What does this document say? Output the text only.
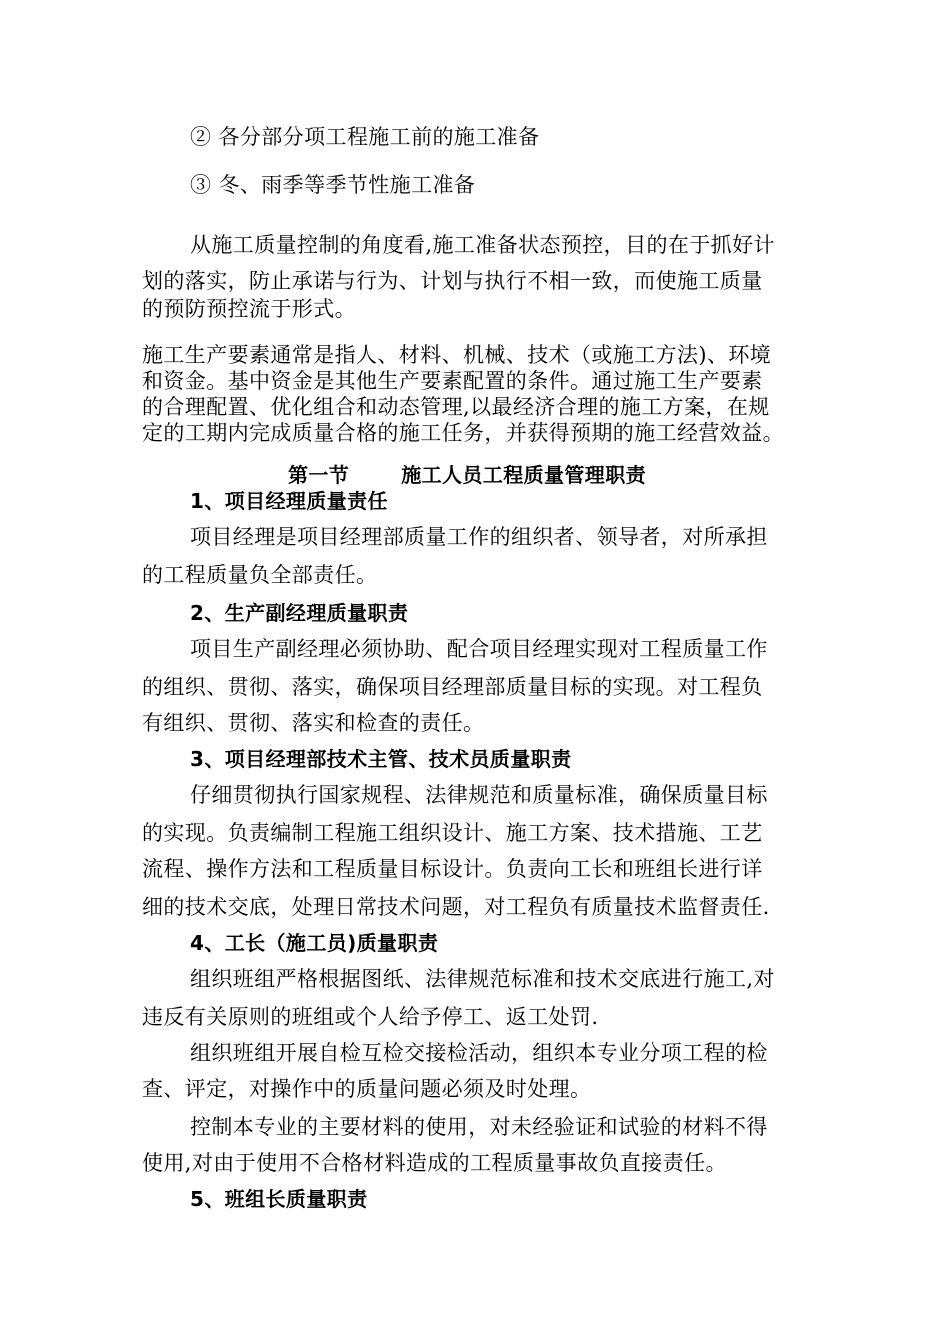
② 各分部分项工程施工前的施工准备
③ 冬、雨季等季节性施工准备
从施工质量控制的角度看,施工准备状态预控，目的在于抓好计
划的落实，防止承诺与行为、计划与执行不相一致，而使施工质量
的预防预控流于形式。
施工生产要素通常是指人、材料、机械、技术（或施工方法)、环境
和资金。基中资金是其他生产要素配置的条件。通过施工生产要素
的合理配置、优化组合和动态管理,以最经济合理的施工方案，在规
定的工期内完成质量合格的施工任务，并获得预期的施工经营效益。
第一节	施工人员工程质量管理职责
1、项目经理质量责任
项目经理是项目经理部质量工作的组织者、领导者，对所承担
的工程质量负全部责任。
2、生产副经理质量职责
项目生产副经理必须协助、配合项目经理实现对工程质量工作
的组织、贯彻、落实，确保项目经理部质量目标的实现。对工程负
有组织、贯彻、落实和检查的责任。
3、项目经理部技术主管、技术员质量职责
仔细贯彻执行国家规程、法律规范和质量标准，确保质量目标
的实现。负责编制工程施工组织设计、施工方案、技术措施、工艺
流程、操作方法和工程质量目标设计。负责向工长和班组长进行详
细的技术交底，处理日常技术问题，对工程负有质量技术监督责任.
4、工长（施工员)质量职责
组织班组严格根据图纸、法律规范标准和技术交底进行施工,对
违反有关原则的班组或个人给予停工、返工处罚.
组织班组开展自检互检交接检活动，组织本专业分项工程的检
查、评定，对操作中的质量问题必须及时处理。
控制本专业的主要材料的使用，对未经验证和试验的材料不得
使用,对由于使用不合格材料造成的工程质量事故负直接责任。
5、班组长质量职责
